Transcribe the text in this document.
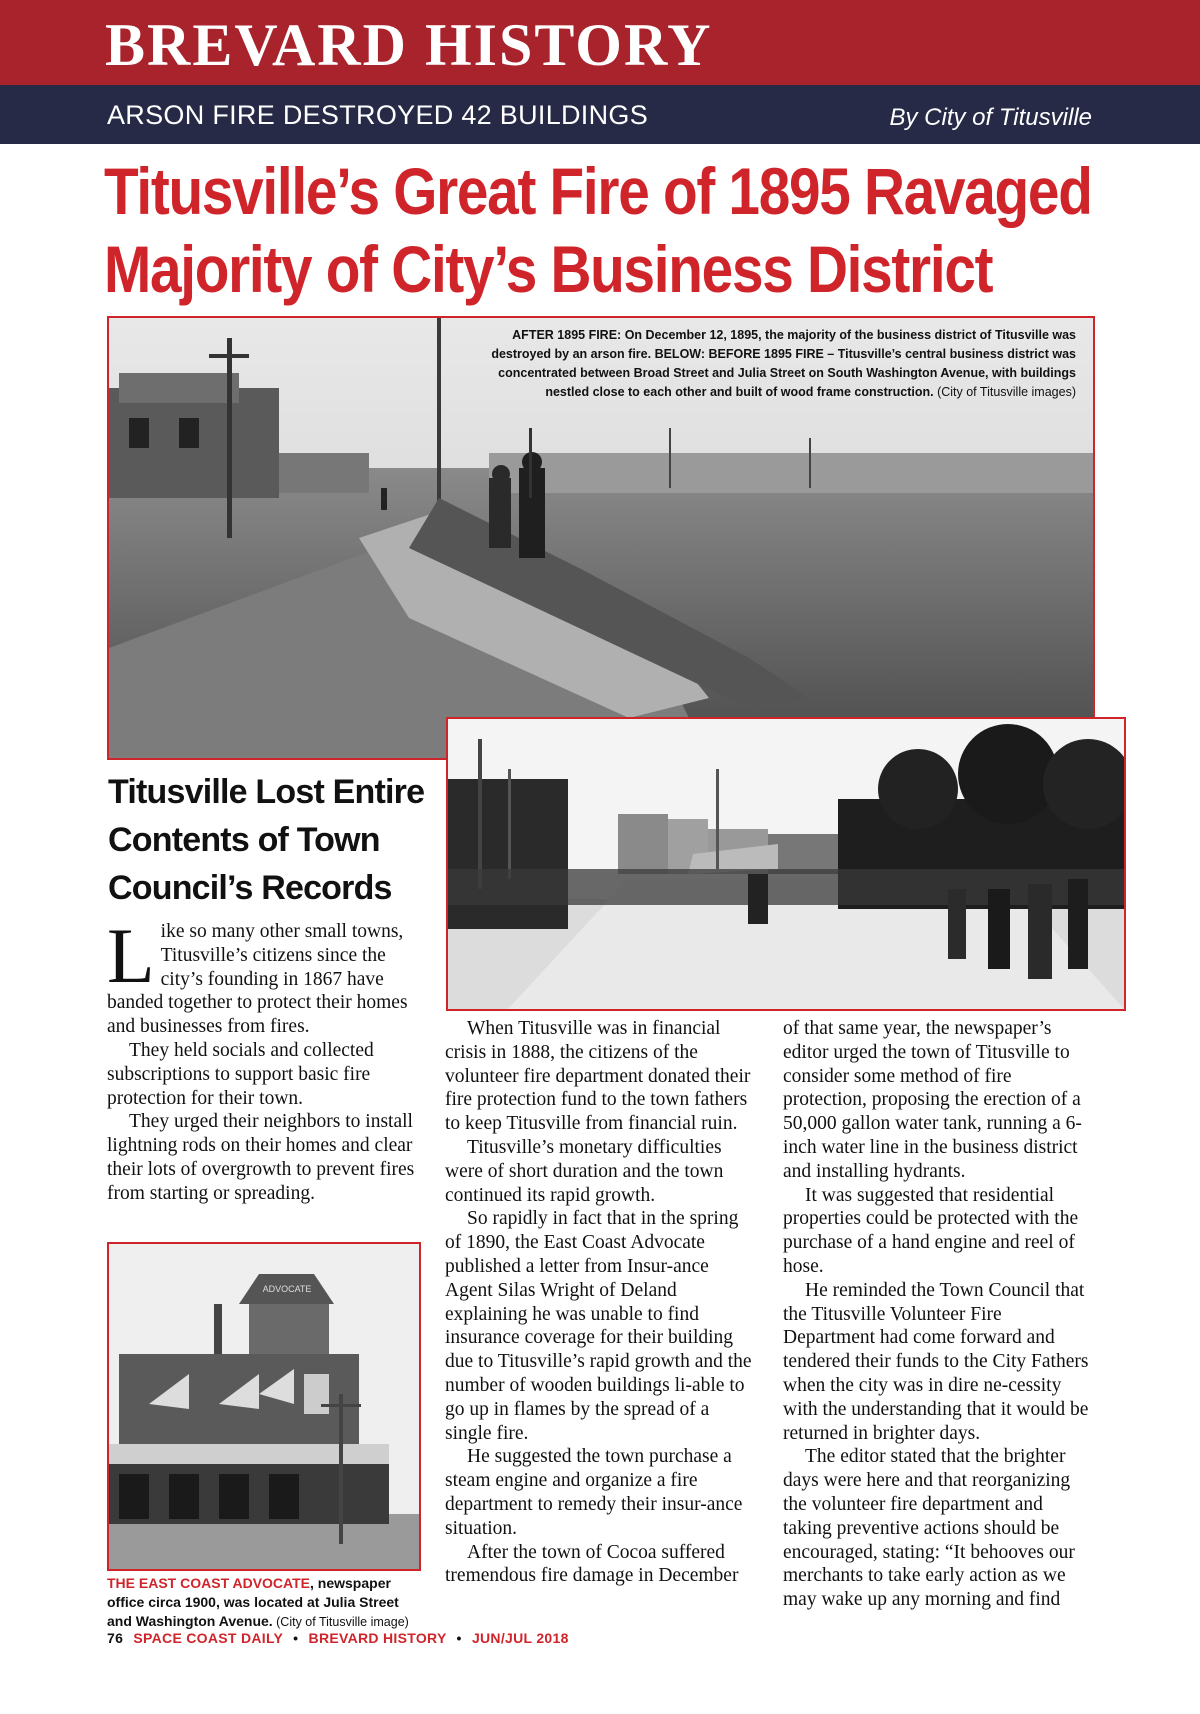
BREVARD HISTORY
ARSON FIRE DESTROYED 42 BUILDINGS	By City of Titusville
Titusville’s Great Fire of 1895 Ravaged
Majority of City’s Business District
AFTER 1895 FIRE: On December 12, 1895, the majority of the business district of Titusville was destroyed by an arson fire. BELOW: BEFORE 1895 FIRE – Titusville’s central business district was concentrated between Broad Street and Julia Street on South Washington Avenue, with buildings nestled close to each other and built of wood frame construction. (City of Titusville images)
Titusville Lost Entire Contents of Town Council’s Records

Like so many other small towns, Titusville’s citizens since the city’s founding in 1867 have banded together to protect their homes and businesses from fires.

They held socials and collected subscriptions to support basic fire protection for their town.

They urged their neighbors to install lightning rods on their homes and clear their lots of overgrowth to prevent fires from starting or spreading.

ADVOCATE
THE EAST COAST ADVOCATE, newspaper office circa 1900, was located at Julia Street and Washington Avenue. (City of Titusville image)

When Titusville was in financial crisis in 1888, the citizens of the volunteer fire department donated their fire protection fund to the town fathers to keep Titusville from financial ruin.

Titusville’s monetary difficulties were of short duration and the town continued its rapid growth.

So rapidly in fact that in the spring of 1890, the East Coast Advocate published a letter from Insur-ance Agent Silas Wright of Deland explaining he was unable to find insurance coverage for their building due to Titusville’s rapid growth and the number of wooden buildings li-able to go up in flames by the spread of a single fire.

He suggested the town purchase a steam engine and organize a fire department to remedy their insur-ance situation.

After the town of Cocoa suffered tremendous fire damage in December

of that same year, the newspaper’s editor urged the town of Titusville to consider some method of fire protection, proposing the erection of a 50,000 gallon water tank, running a 6-inch water line in the business district and installing hydrants.

It was suggested that residential properties could be protected with the purchase of a hand engine and reel of hose.

He reminded the Town Council that the Titusville Volunteer Fire Department had come forward and tendered their funds to the City Fathers when the city was in dire ne-cessity with the understanding that it would be returned in brighter days.

The editor stated that the brighter days were here and that reorganizing the volunteer fire department and taking preventive actions should be encouraged, stating: “It behooves our merchants to take early action as we may wake up any morning and find

76 SPACE COAST DAILY • BREVARD HISTORY • JUN/JUL 2018
